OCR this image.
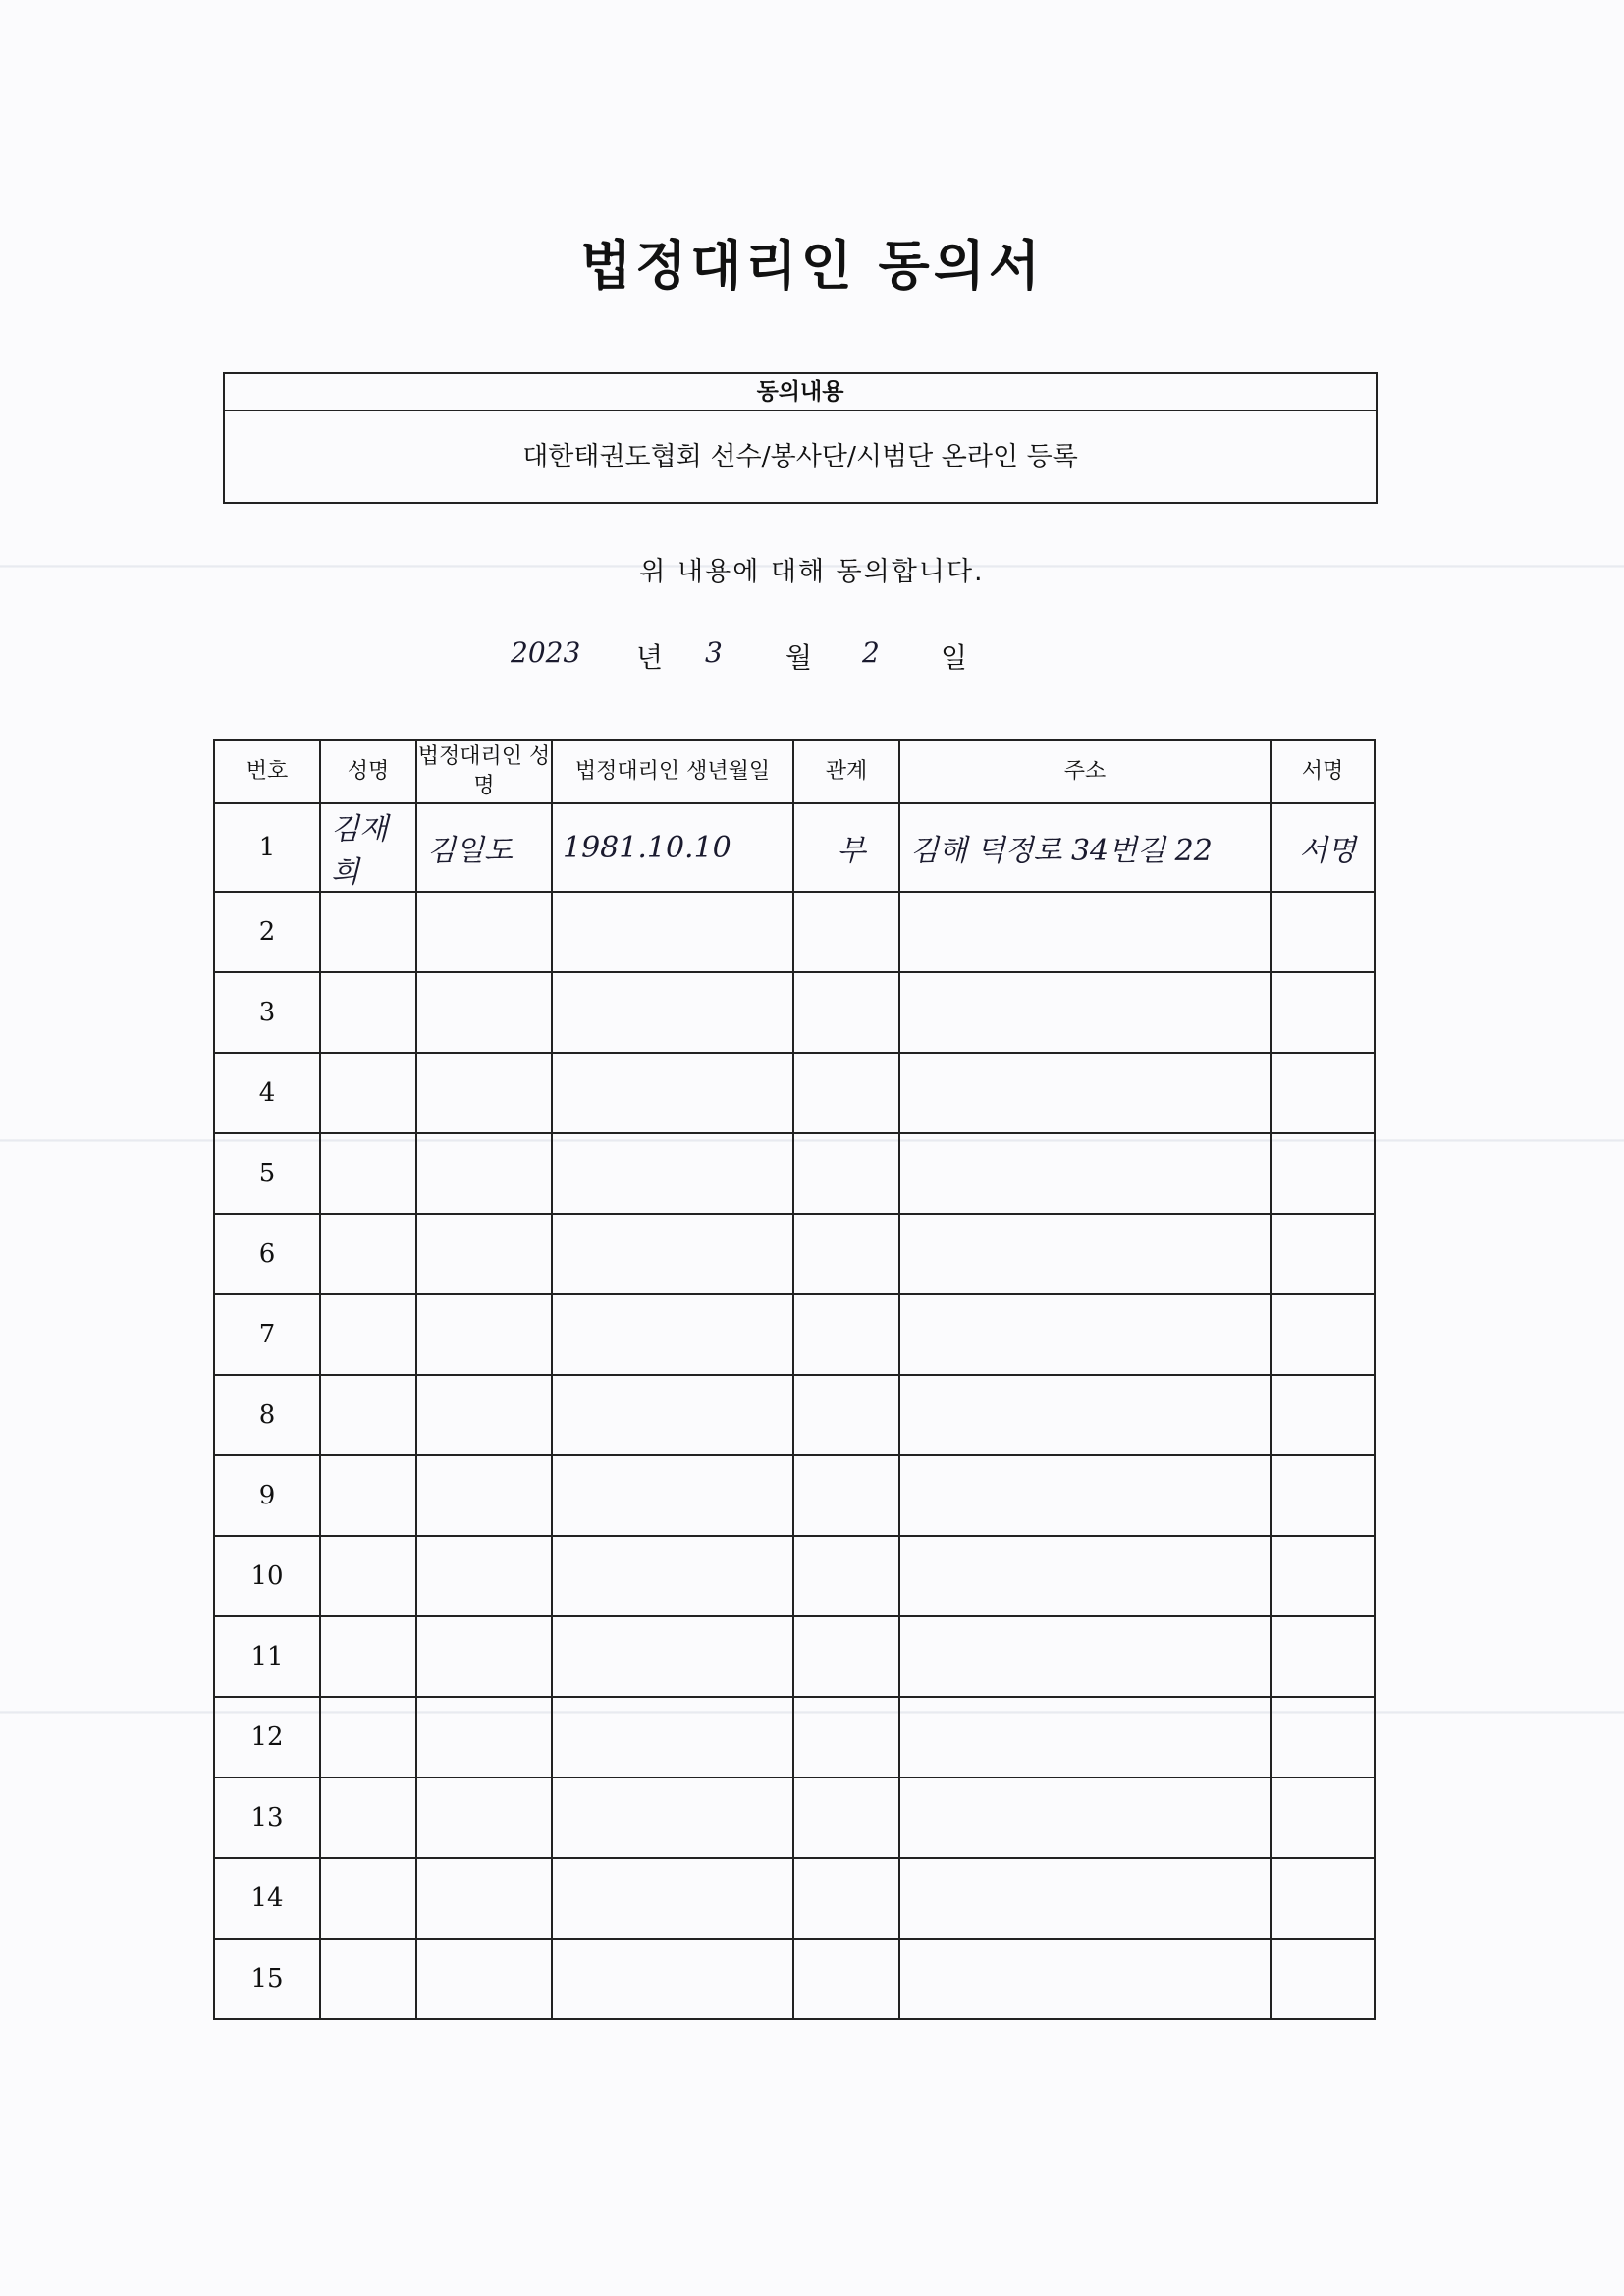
법정대리인 동의서
동의내용
대한태권도협회 선수/봉사단/시범단 온라인 등록
위 내용에 대해 동의합니다.
2023 년 3 월 2 일
번호	성명	법정대리인 성명	법정대리인 생년월일	관계	주소	서명
1	김재희	김일도	1981.10.10	부	김해 덕정로 34번길 22	서명
2						
3						
4						
5						
6						
7						
8						
9						
10						
11						
12						
13						
14						
15						
